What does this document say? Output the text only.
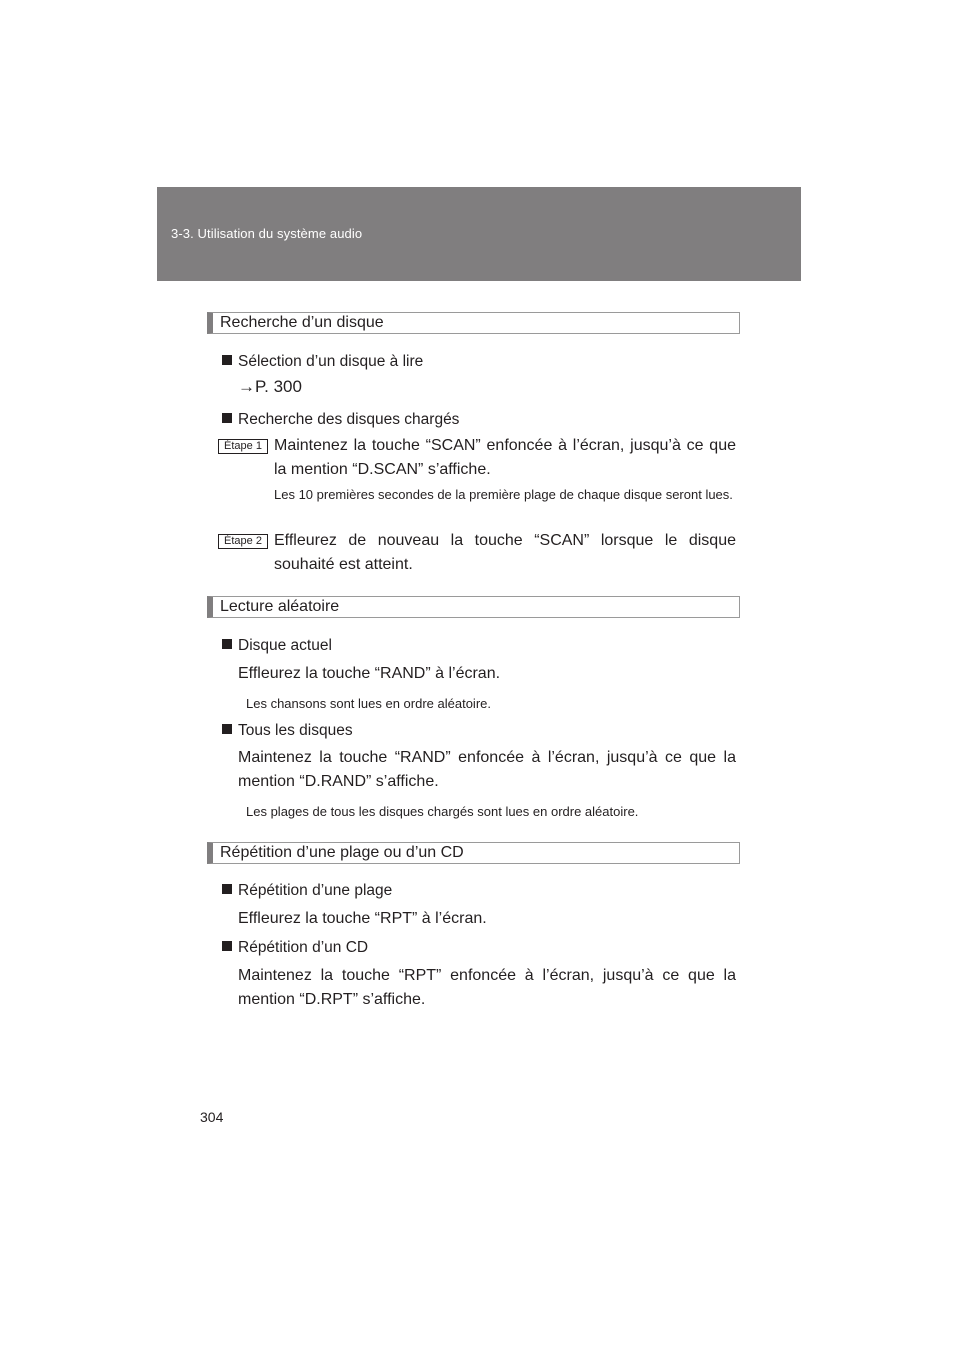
3-3. Utilisation du système audio
Recherche d’un disque
Sélection d’un disque à lire
→P. 300
Recherche des disques chargés
Étape 1 Maintenez la touche “SCAN” enfoncée à l’écran, jusqu’à ce que la mention “D.SCAN” s’affiche.
Les 10 premières secondes de la première plage de chaque disque seront lues.
Étape 2 Effleurez de nouveau la touche “SCAN” lorsque le disque souhaité est atteint.
Lecture aléatoire
Disque actuel
Effleurez la touche “RAND” à l’écran.
Les chansons sont lues en ordre aléatoire.
Tous les disques
Maintenez la touche “RAND” enfoncée à l’écran, jusqu’à ce que la mention “D.RAND” s’affiche.
Les plages de tous les disques chargés sont lues en ordre aléatoire.
Répétition d’une plage ou d’un CD
Répétition d’une plage
Effleurez la touche “RPT” à l’écran.
Répétition d’un CD
Maintenez la touche “RPT” enfoncée à l’écran, jusqu’à ce que la mention “D.RPT” s’affiche.
304
